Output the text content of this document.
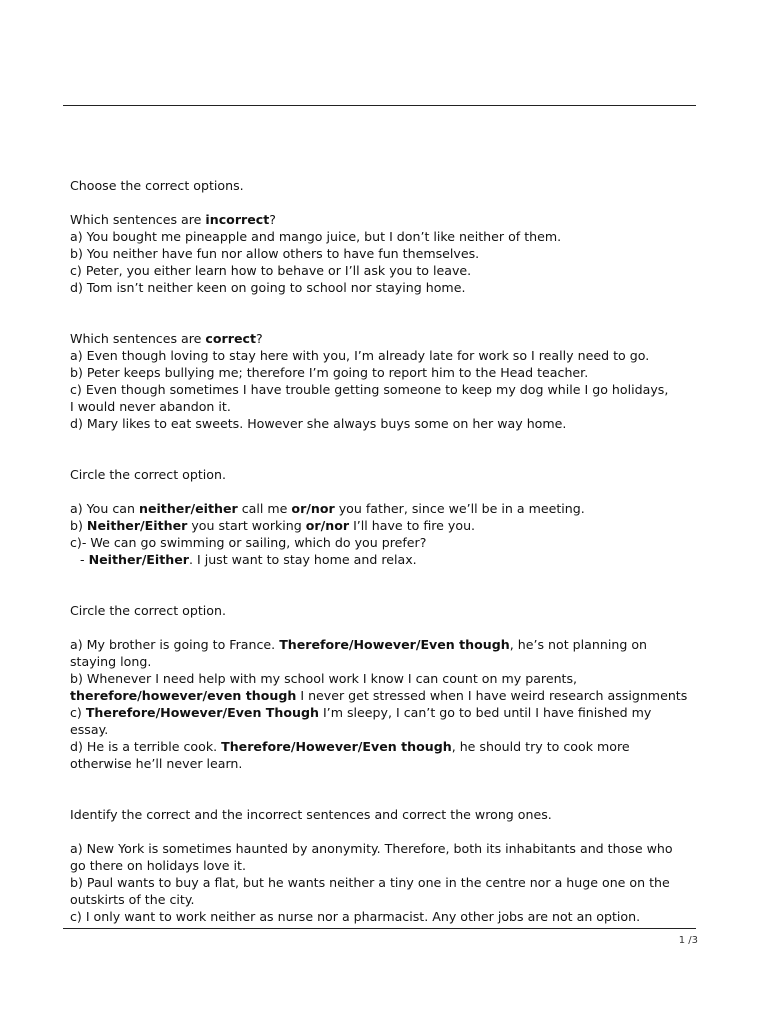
Choose the correct options.
Which sentences are incorrect?
a) You bought me pineapple and mango juice, but I don’t like neither of them.
b) You neither have fun nor allow others to have fun themselves.
c) Peter, you either learn how to behave or I’ll ask you to leave.
d) Tom isn’t neither keen on going to school nor staying home.
Which sentences are correct?
a) Even though loving to stay here with you, I’m already late for work so I really need to go.
b) Peter keeps bullying me; therefore I’m going to report him to the Head teacher.
c) Even though sometimes I have trouble getting someone to keep my dog while I go holidays,
I would never abandon it.
d) Mary likes to eat sweets. However she always buys some on her way home.
Circle the correct option.
a) You can neither/either call me or/nor you father, since we’ll be in a meeting.
b) Neither/Either you start working or/nor I’ll have to fire you.
c)- We can go swimming or sailing, which do you prefer?
- Neither/Either. I just want to stay home and relax.
Circle the correct option.
a) My brother is going to France. Therefore/However/Even though, he’s not planning on
staying long.
b) Whenever I need help with my school work I know I can count on my parents,
therefore/however/even though I never get stressed when I have weird research assignments
c) Therefore/However/Even Though I’m sleepy, I can’t go to bed until I have finished my
essay.
d) He is a terrible cook. Therefore/However/Even though, he should try to cook more
otherwise he’ll never learn.
Identify the correct and the incorrect sentences and correct the wrong ones.
a) New York is sometimes haunted by anonymity. Therefore, both its inhabitants and those who
go there on holidays love it.
b) Paul wants to buy a flat, but he wants neither a tiny one in the centre nor a huge one on the
outskirts of the city.
c) I only want to work neither as nurse nor a pharmacist. Any other jobs are not an option.
1 /3
